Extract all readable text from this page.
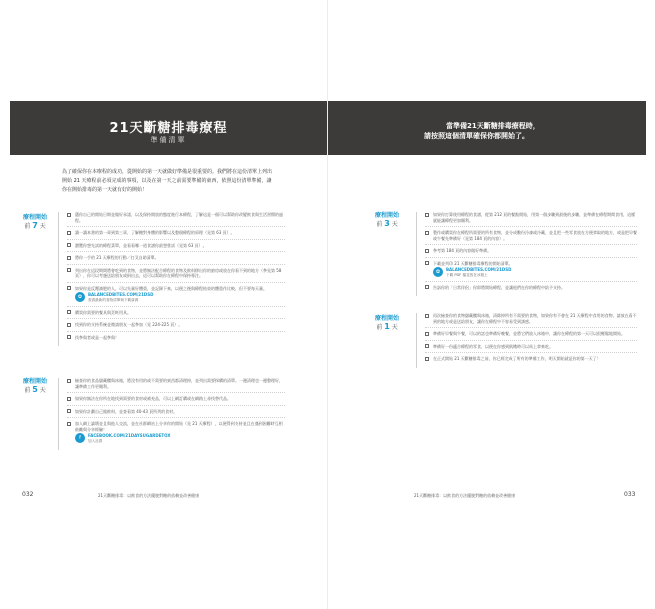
21天斷糖排毒療程
準備清單
為了確保你在本療程的成功，從開始的第一天就做好準備是很重要的。我們將在這份清單上列出開始 21 天療程前必須完成的事項，以及在第一天之前需要準備的東西，依照這份清單準備，讓你在開始排毒的第一天就有好的開始！
療程開始
前 7 天
選你自己的開始日期並做好承諾，以及保持開放的態度進行本療程，了解這是一個可以幫助你改變飲食與生活習慣的過程。
讀一讀本書的第一章到第三章，了解糖對身體的影響以及整個療程的原理（見第 63 頁）。
瀏覽你想先試的療程菜單，並看看哪一道食譜你最想嘗試（見第 63 頁）。
將你一手的 21 天療程的行動／打叉自助清單。
列出你在這段期間將會吃到的食物，並將無法配合療程的食物及飲料移出你的廚房或放在你看不到的地方（參見第 58 頁），你可以考慮送給朋友或捐出去，這可以幫助你在療程中保持專注。
如果你是反覆減肥的人，可以先量好體重，並記錄下來，以便之後與療程結束的體重作比較，但不要每天量。
✿	BALANCEDBITES.COM/21DSD
查看最新的食物清單與下載資源
購買你需要的餐具與烹飪用具。
找到你的支持系統並邀請朋友一起參加（見 224-225 頁）。
找參與者或是一起參與！
療程開始
前 5 天
檢查你的食品儲藏櫃與冰箱，將沒有用的或不需要的東西都清理掉，並列出需要採購的清單。一邊清理也一邊整理好，讓準備工作更順利。
如果你無法在你所在地找到需要的食材或補充品，可以上網訂購或在網路上尋找替代品。
如果你計劃自己做飲料，並查看第 40-43 頁所列的食材。
加入網上論壇並且與他人交流，並在社群網站上分享你的開始（見 21 天療程），以便得到支持並且在遇到困難時互相鼓勵與分享經驗！
f	FACEBOOK.COM/21DAYSUGARDETOX
加入社群
032	21天斷糖排毒：以飲食的方法擺脫對糖的依賴並改善健康
當準備21天斷糖排毒療程時，
請按照這個清單確保你都開始了。
療程開始
前 3 天
如果你打算使用療程的食譜，從第 212 頁的餐點開始，用第一個步驟到最後的步驟，並準備在療程期間食用，這樣就能讓療程更加順利。
製作或購買你在療程所需要的所有食物，並分成數份冷凍或冷藏，並且把一些零食放在方便拿取的地方，或是把早餐或午餐先準備好（見第 184 頁的內容）。
參考第 184 頁的內容做好準備。
下載並列印 21 天斷糖排毒療程的開始清單。
✿	BALANCEDBITES.COM/21DSD
下載 PDF 檔並放在冰箱上
告訴你的「日常伴侶」你即將開始療程，並讓他們在你的療程中給予支持。
療程開始
前 1 天
再次檢查你的食物儲藏櫃與冰箱，清除掉所有不需要的食物，如果你有不會在 21 天療程中食用的食物，請放在看不到的地方或是送給朋友，讓你在療程中不容易受到誘惑。
準備好早餐與午餐，可以的話也準備好晚餐，並將它們放入冰箱中，讓你在療程的第一天可以很輕鬆地開始。
準備好一份適合療程的零食，以便在你感到飢餓時可以馬上拿來吃。
在正式開始 21 天斷糖排毒之前，你已經完成了所有的準備工作，明天開始就是你的第一天了！
21天斷糖排毒：以飲食的方法擺脫對糖的依賴並改善健康	033
